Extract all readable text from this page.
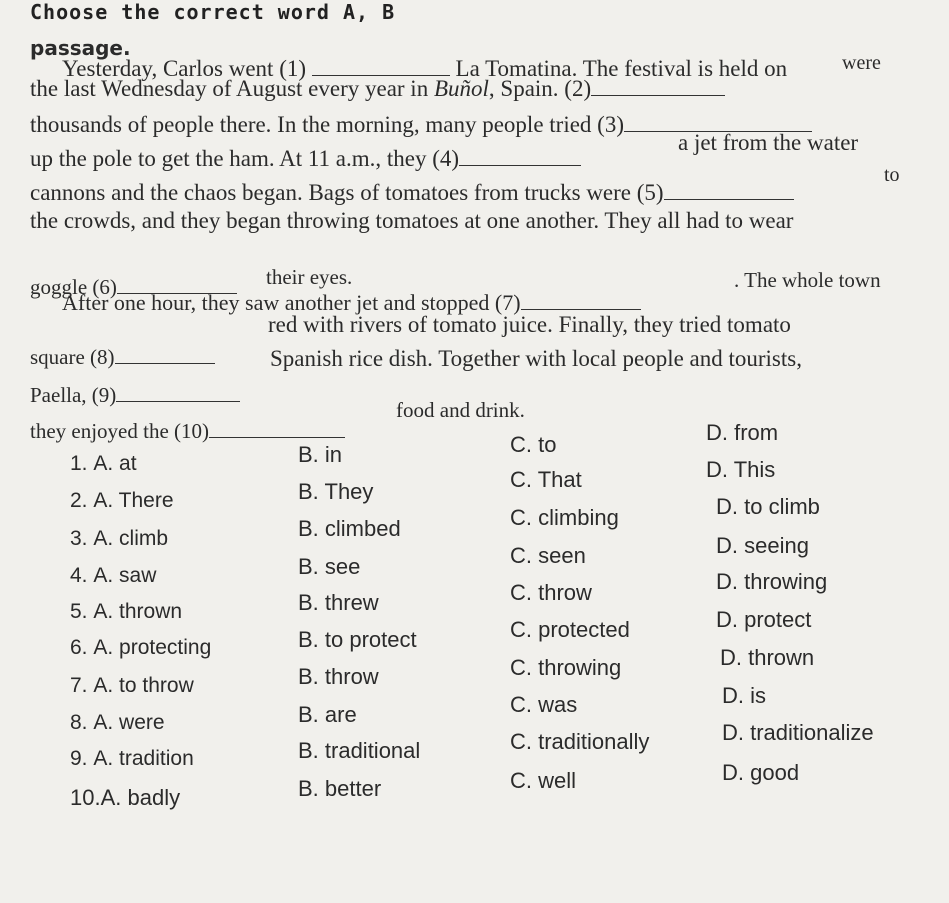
Choose the correct word A, B
passage.
Yesterday, Carlos went (1)	La Tomatina. The festival is held on
the last Wednesday of August every year in Buñol, Spain. (2)
were
thousands of people there. In the morning, many people tried (3)
up the pole to get the ham. At 11 a.m., they (4)
a jet from the water
cannons and the chaos began. Bags of tomatoes from trucks were (5)
to
the crowds, and they began throwing tomatoes at one another. They all had to wear
goggle (6)	their eyes.
After one hour, they saw another jet and stopped (7)
. The whole town
square (8)
red with rivers of tomato juice. Finally, they tried tomato
Paella, (9)
Spanish rice dish. Together with local people and tourists,
they enjoyed the (10)
food and drink.
1. A. at	B. in	C. to	D. from
2. A. There	B. They	C. That	D. This
3. A. climb	B. climbed	C. climbing	D. to climb
4. A. saw	B. see	C. seen	D. seeing
5. A. thrown	B. threw	C. throw	D. throwing
6. A. protecting	B. to protect	C. protected	D. protect
7. A. to throw	B. throw	C. throwing	D. thrown
8. A. were	B. are	C. was	D. is
9. A. tradition	B. traditional	C. traditionally	D. traditionalize
10.A. badly	B. better	C. well	D. good
